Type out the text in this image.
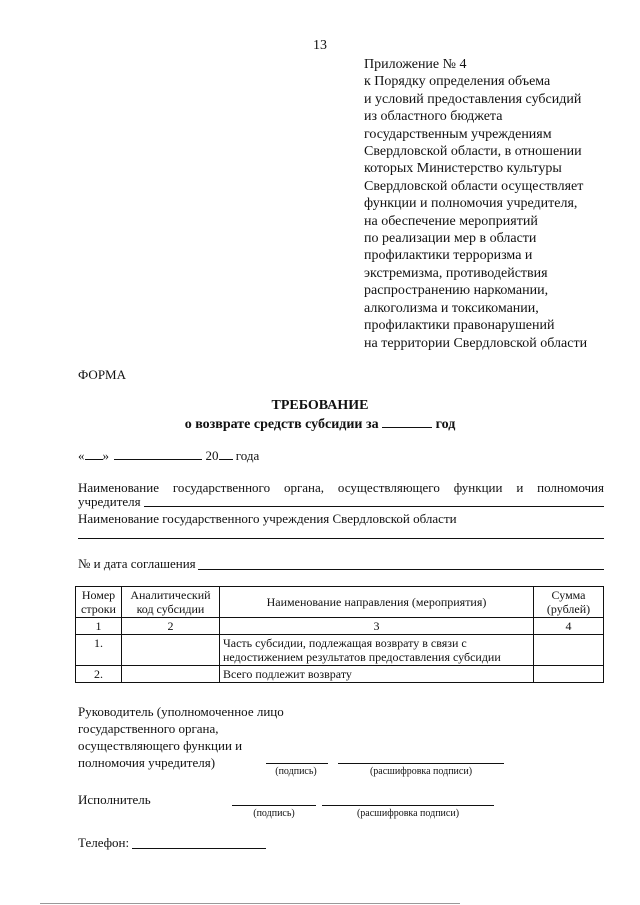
13
Приложение № 4
к Порядку определения объема
и условий предоставления субсидий
из областного бюджета
государственным учреждениям
Свердловской области, в отношении
которых Министерство культуры
Свердловской области осуществляет
функции и полномочия учредителя,
на обеспечение мероприятий
по реализации мер в области
профилактики терроризма и
экстремизма, противодействия
распространению наркомании,
алкоголизма и токсикомании,
профилактики правонарушений
на территории Свердловской области
ФОРМА
ТРЕБОВАНИЕ
о возврате средств субсидии за	год
« »	20 года
Наименование государственного органа, осуществляющего функции и полномочия
учредителя
Наименование государственного учреждения Свердловской области
№ и дата соглашения
Номер строки	Аналитический код субсидии	Наименование направления (мероприятия)	Сумма (рублей)
1	2	3	4
1.		Часть субсидии, подлежащая возврату в связи с недостижением результатов предоставления субсидии	
2.		Всего подлежит возврату	
Руководитель (уполномоченное лицо
государственного органа,
осуществляющего функции и
полномочия учредителя)
(подпись)	(расшифровка подписи)
Исполнитель
(подпись)	(расшифровка подписи)
Телефон:
